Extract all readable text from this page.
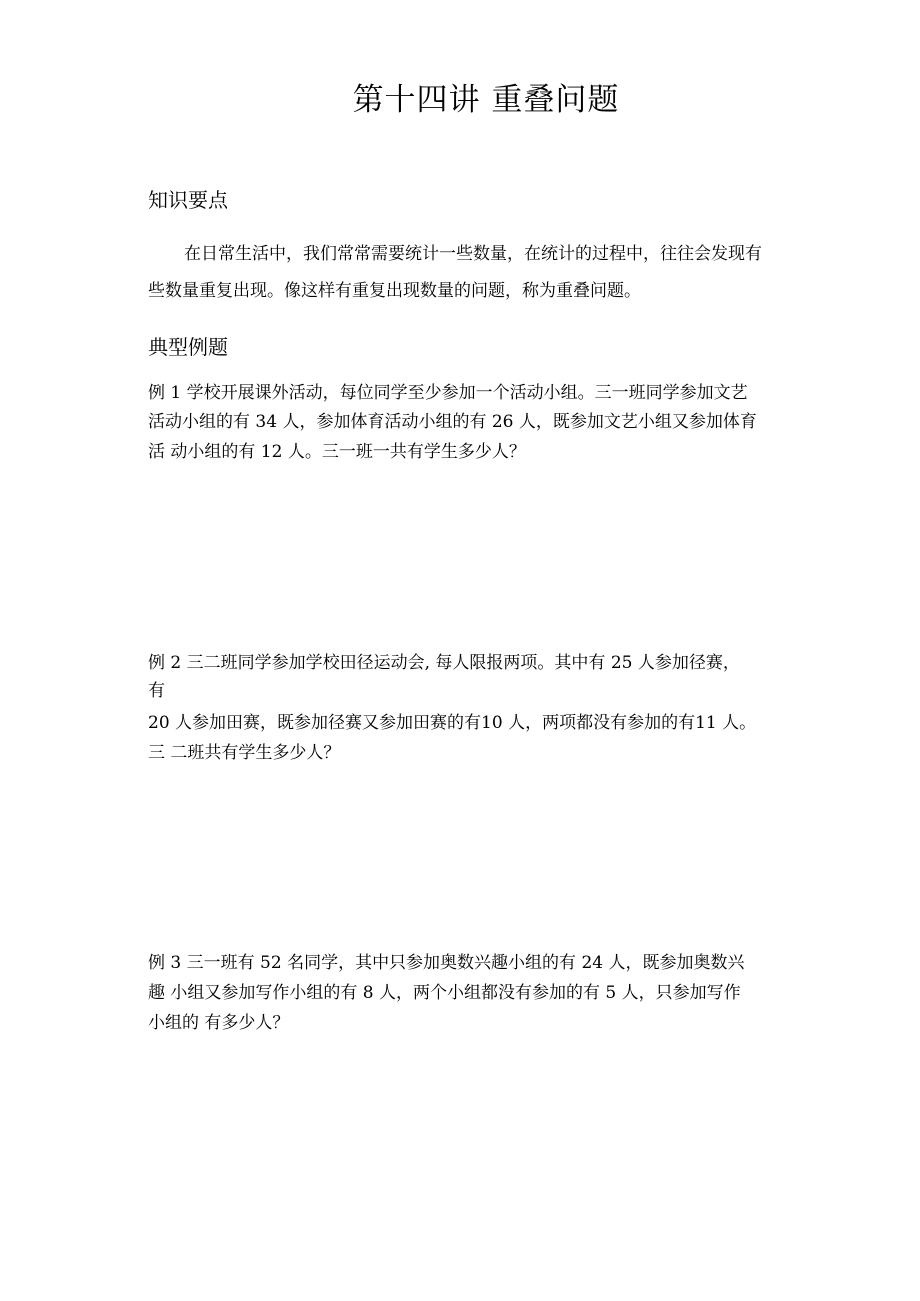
第十四讲 重叠问题
知识要点
在日常生活中，我们常常需要统计一些数量，在统计的过程中，往往会发现有
些数量重复出现。像这样有重复出现数量的问题，称为重叠问题。
典型例题
例 1 学校开展课外活动，每位同学至少参加一个活动小组。三一班同学参加文艺
活动小组的有 34 人，参加体育活动小组的有 26 人，既参加文艺小组又参加体育
活 动小组的有 12 人。三一班一共有学生多少人？
例 2 三二班同学参加学校田径运动会, 每人限报两项。其中有 25 人参加径赛，
有
20 人参加田赛，既参加径赛又参加田赛的有10 人，两项都没有参加的有11 人。
三 二班共有学生多少人？
例 3 三一班有 52 名同学，其中只参加奥数兴趣小组的有 24 人，既参加奥数兴
趣 小组又参加写作小组的有 8 人，两个小组都没有参加的有 5 人，只参加写作
小组的 有多少人？
